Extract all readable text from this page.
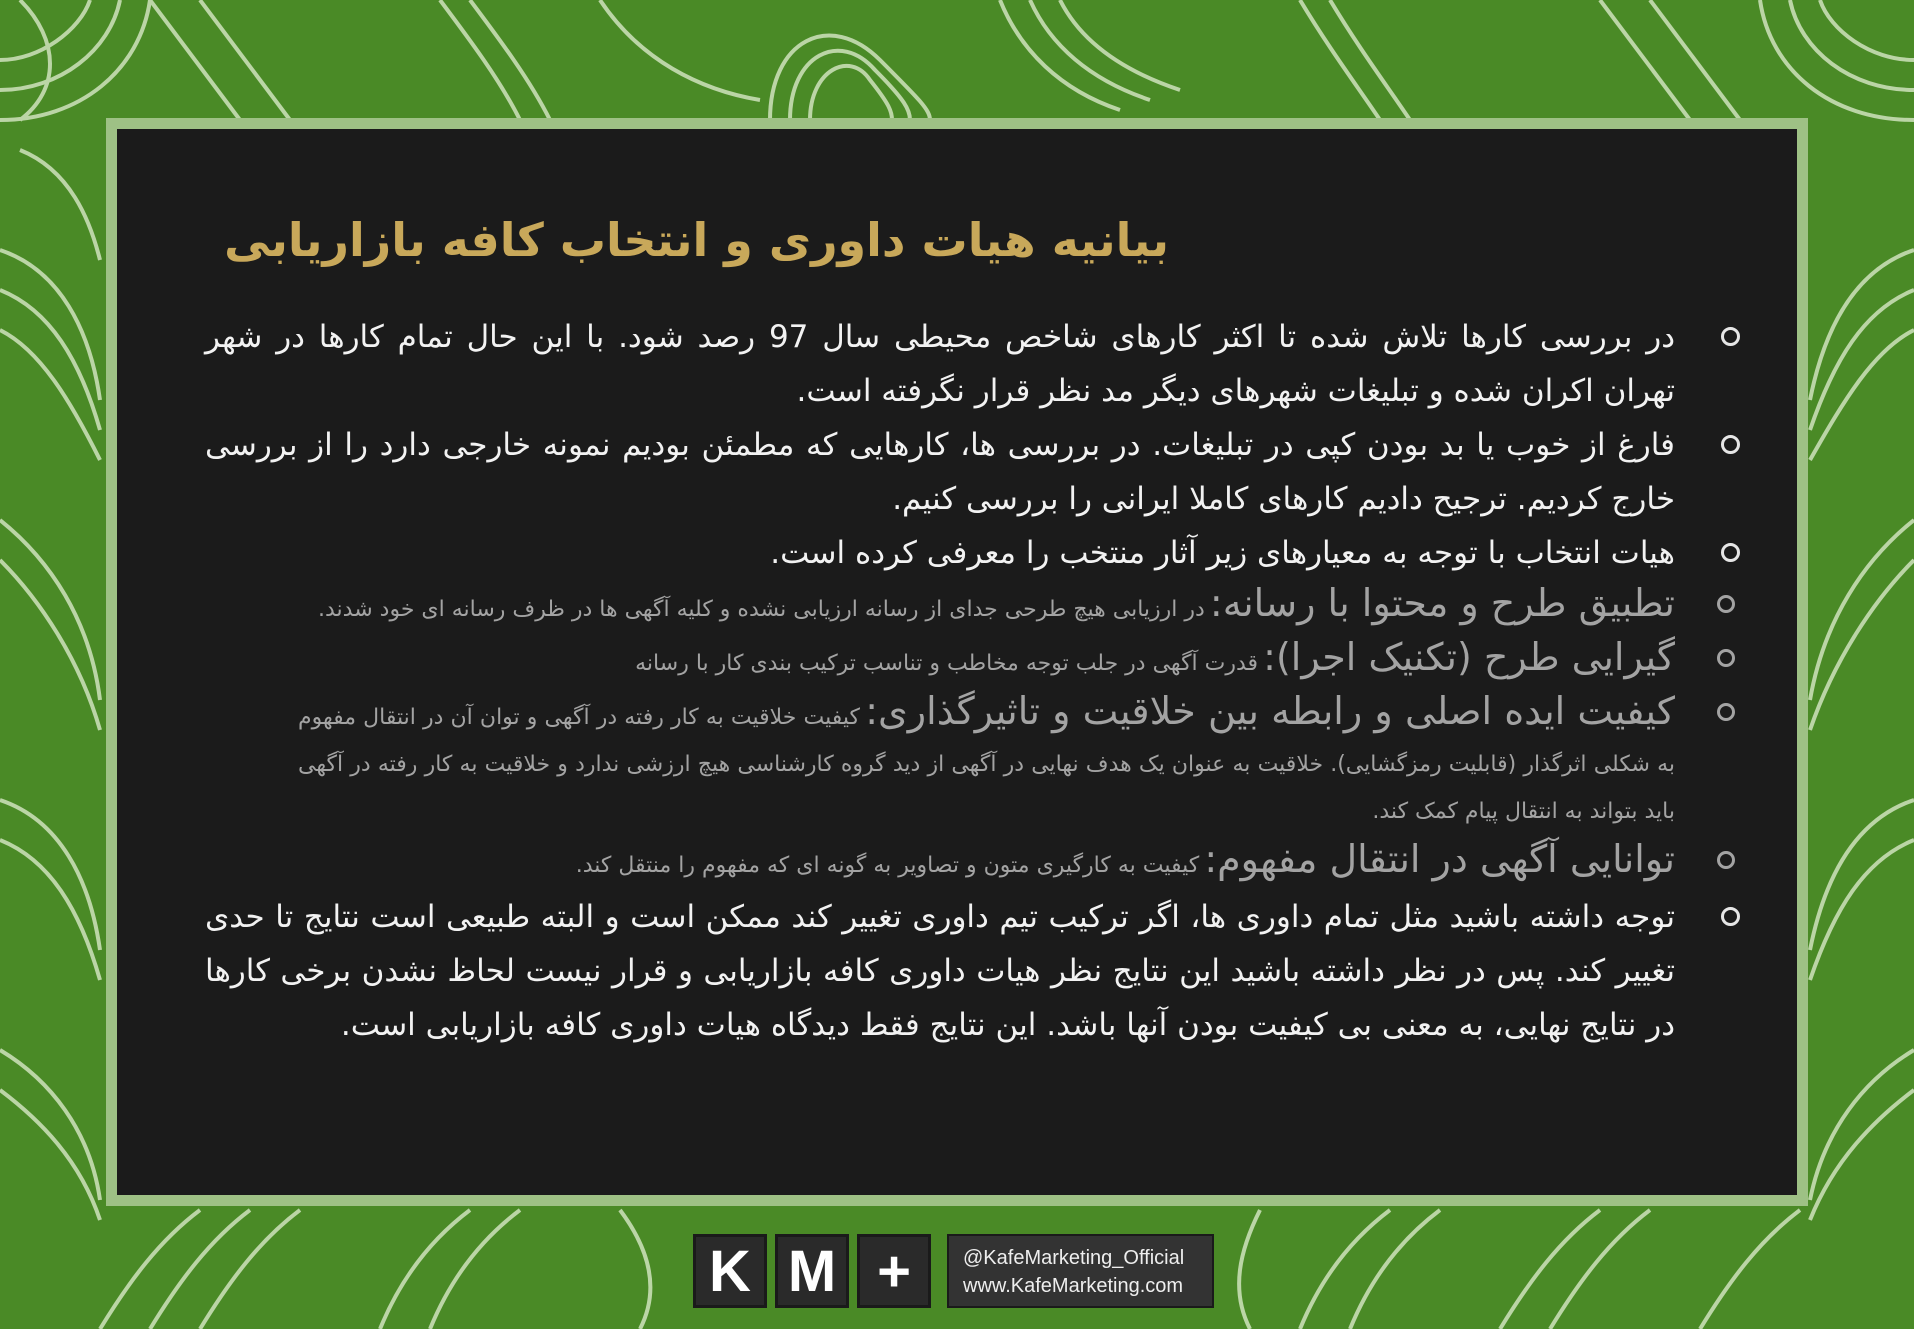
بیانیه هیات داوری و انتخاب کافه بازاریابی
در بررسی کارها تلاش شده تا اکثر کارهای شاخص محیطی سال 97 رصد شود. با این حال تمام کارها در شهر تهران اکران شده و تبلیغات شهرهای دیگر مد نظر قرار نگرفته است.
فارغ از خوب یا بد بودن کپی در تبلیغات. در بررسی ها، کارهایی که مطمئن بودیم نمونه خارجی دارد را از بررسی خارج کردیم. ترجیح دادیم کارهای کاملا ایرانی را بررسی کنیم.
هیات انتخاب با توجه به معیارهای زیر آثار منتخب را معرفی کرده است.
تطبیق طرح و محتوا با رسانه: در ارزیابی هیچ طرحی جدای از رسانه ارزیابی نشده و کلیه آگهی ها در ظرف رسانه ای خود شدند.
گیرایی طرح (تکنیک اجرا): قدرت آگهی در جلب توجه مخاطب و تناسب ترکیب بندی کار با رسانه
کیفیت ایده اصلی و رابطه بین خلاقیت و تاثیرگذاری: کیفیت خلاقیت به کار رفته در آگهی و توان آن در انتقال مفهوم به شکلی اثرگذار (قابلیت رمزگشایی). خلاقیت به عنوان یک هدف نهایی در آگهی از دید گروه کارشناسی هیچ ارزشی ندارد و خلاقیت به کار رفته در آگهی باید بتواند به انتقال پیام کمک کند.
توانایی آگهی در انتقال مفهوم: کیفیت به کارگیری متون و تصاویر به گونه ای که مفهوم را منتقل کند.
توجه داشته باشید مثل تمام داوری ها، اگر ترکیب تیم داوری تغییر کند ممکن است و البته طبیعی است نتایج تا حدی تغییر کند. پس در نظر داشته باشید این نتایج نظر هیات داوری کافه بازاریابی و قرار نیست لحاظ نشدن برخی کارها در نتایج نهایی، به معنی بی کیفیت بودن آنها باشد. این نتایج فقط دیدگاه هیات داوری کافه بازاریابی است.
K M +	@KafeMarketing_Official
www.KafeMarketing.com
